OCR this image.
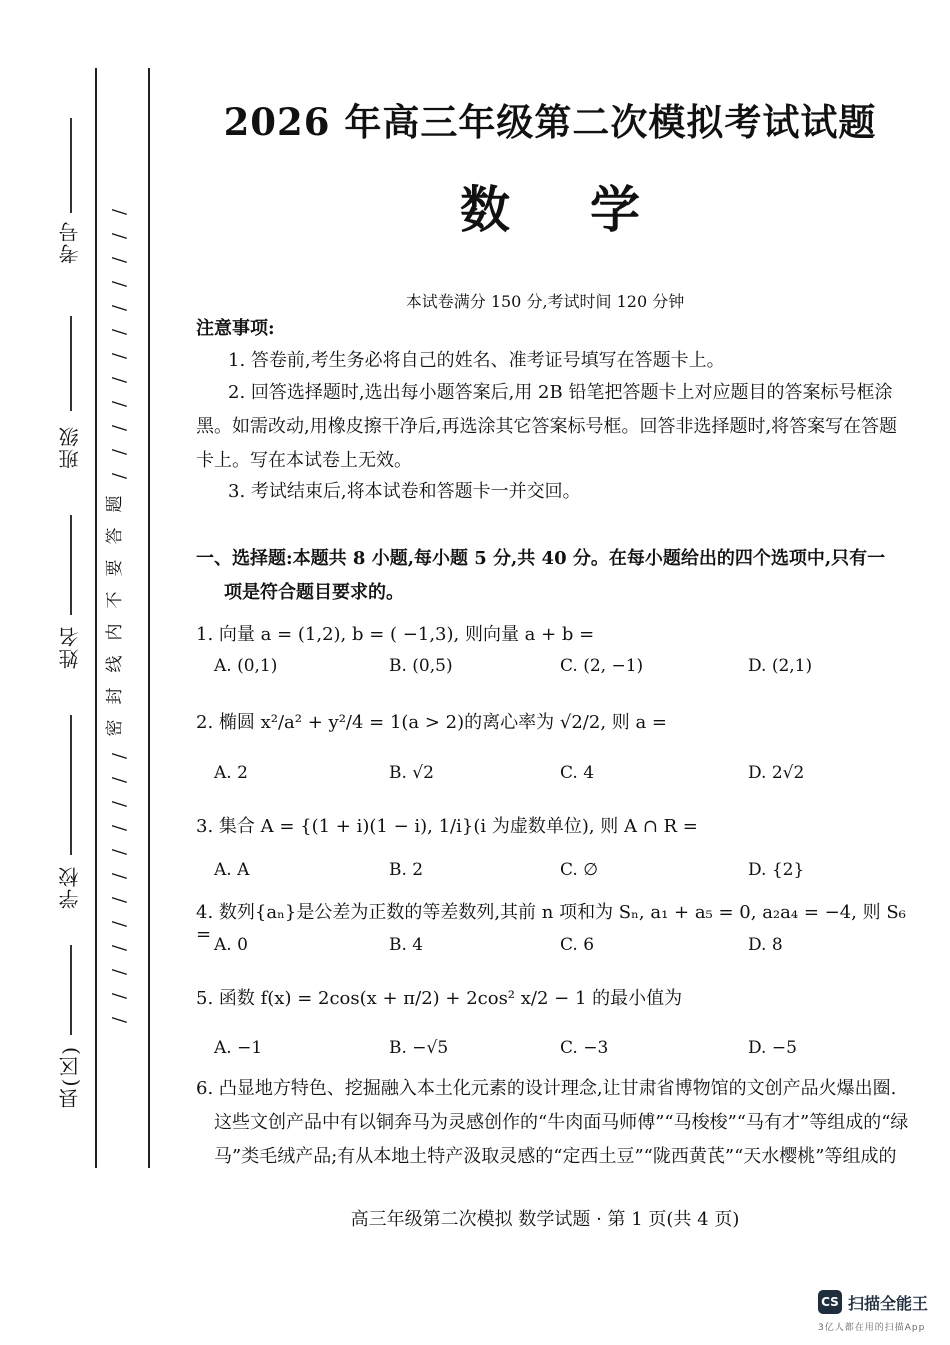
考号
班级
姓名
学校
县(区)
/
/
/
/
/
/
/
/
/
/
/
/
题
答
要
不
内
线
封
密
/
/
/
/
/
/
/
/
/
/
/
/
2026 年高三年级第二次模拟考试试题
数学
本试卷满分 150 分,考试时间 120 分钟
注意事项:
1. 答卷前,考生务必将自己的姓名、准考证号填写在答题卡上。
2. 回答选择题时,选出每小题答案后,用 2B 铅笔把答题卡上对应题目的答案标号框涂黑。如需改动,用橡皮擦干净后,再选涂其它答案标号框。回答非选择题时,将答案写在答题卡上。写在本试卷上无效。
3. 考试结束后,将本试卷和答题卡一并交回。
一、选择题:本题共 8 小题,每小题 5 分,共 40 分。在每小题给出的四个选项中,只有一项是符合题目要求的。
1. 向量 a = (1,2), b = ( −1,3), 则向量 a + b =
A. (0,1)	B. (0,5)	C. (2, −1)	D. (2,1)
2. 椭圆 x²/a² + y²/4 = 1(a > 2)的离心率为 √2/2, 则 a =
A. 2	B. √2	C. 4	D. 2√2
3. 集合 A = {(1 + i)(1 − i), 1/i}(i 为虚数单位), 则 A ∩ R =
A. A	B. 2	C. ∅	D. {2}
4. 数列{aₙ}是公差为正数的等差数列,其前 n 项和为 Sₙ, a₁ + a₅ = 0, a₂a₄ = −4, 则 S₆ = A. 0	B. 4	C. 6	D. 8
5. 函数 f(x) = 2cos(x + π/2) + 2cos² x/2 − 1 的最小值为
A. −1	B. −√5	C. −3	D. −5
6. 凸显地方特色、挖掘融入本土化元素的设计理念,让甘肃省博物馆的文创产品火爆出圈. 这些文创产品中有以铜奔马为灵感创作的“牛肉面马师傅”“马梭梭”“马有才”等组成的“绿马”类毛绒产品;有从本地土特产汲取灵感的“定西土豆”“陇西黄芪”“天水樱桃”等组成的
高三年级第二次模拟 数学试题 · 第 1 页(共 4 页)
CS 扫描全能王
3亿人都在用的扫描App
